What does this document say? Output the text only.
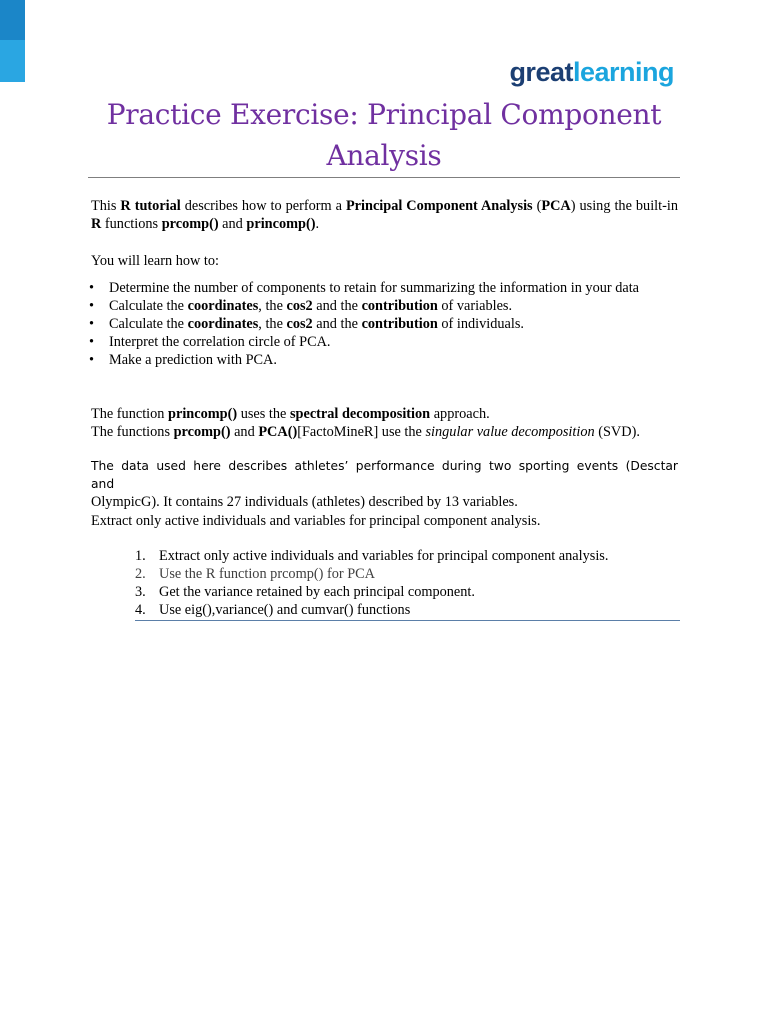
greatlearning
Practice Exercise: Principal Component
Analysis

This R tutorial describes how to perform a Principal Component Analysis (PCA) using the built-in R functions prcomp() and princomp().

You will learn how to:

• Determine the number of components to retain for summarizing the information in your data
• Calculate the coordinates, the cos2 and the contribution of variables.
• Calculate the coordinates, the cos2 and the contribution of individuals.
• Interpret the correlation circle of PCA.
• Make a prediction with PCA.

The function princomp() uses the spectral decomposition approach.

The functions prcomp() and PCA()[FactoMineR] use the singular value decomposition (SVD).

The data used here describes athletes’ performance during two sporting events (Desctar and
OlympicG). It contains 27 individuals (athletes) described by 13 variables.

Extract only active individuals and variables for principal component analysis.

1. Extract only active individuals and variables for principal component analysis.
2. Use the R function prcomp() for PCA
3. Get the variance retained by each principal component.
4. Use eig(),variance() and cumvar() functions
